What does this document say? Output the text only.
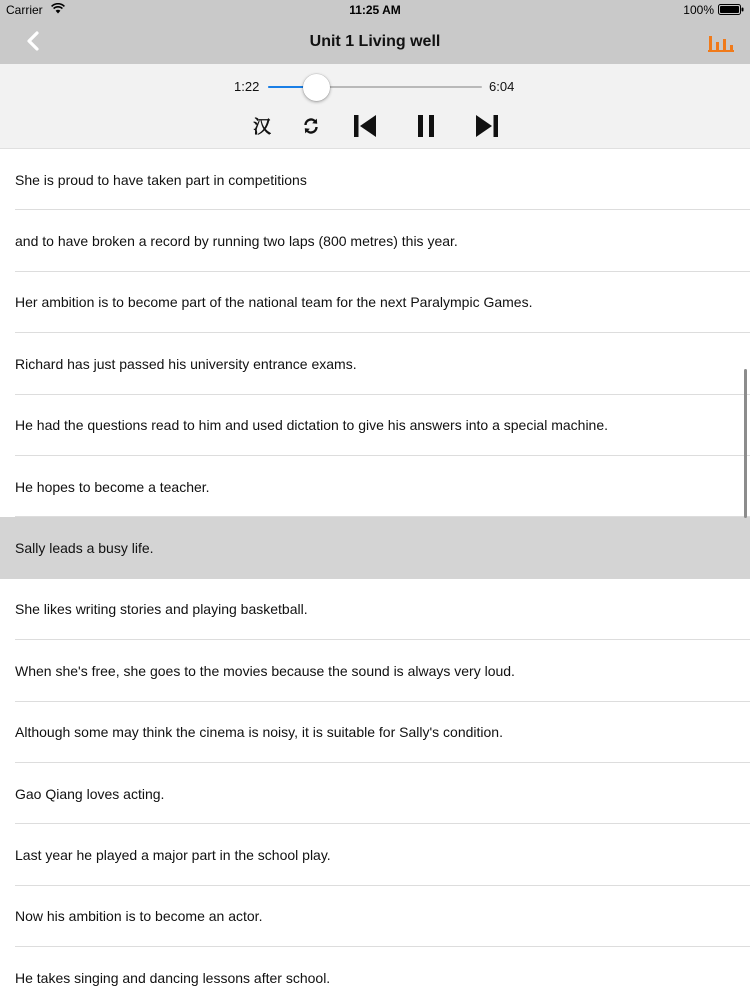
Carrier	11:25 AM	100%
Unit 1 Living well
1:22	6:04
汉
She is proud to have taken part in competitions
and to have broken a record by running two laps (800 metres) this year.
Her ambition is to become part of the national team for the next Paralympic Games.
Richard has just passed his university entrance exams.
He had the questions read to him and used dictation to give his answers into a special machine.
He hopes to become a teacher.
Sally leads a busy life.
She likes writing stories and playing basketball.
When she's free, she goes to the movies because the sound is always very loud.
Although some may think the cinema is noisy, it is suitable for Sally's condition.
Gao Qiang loves acting.
Last year he played a major part in the school play.
Now his ambition is to become an actor.
He takes singing and dancing lessons after school.
